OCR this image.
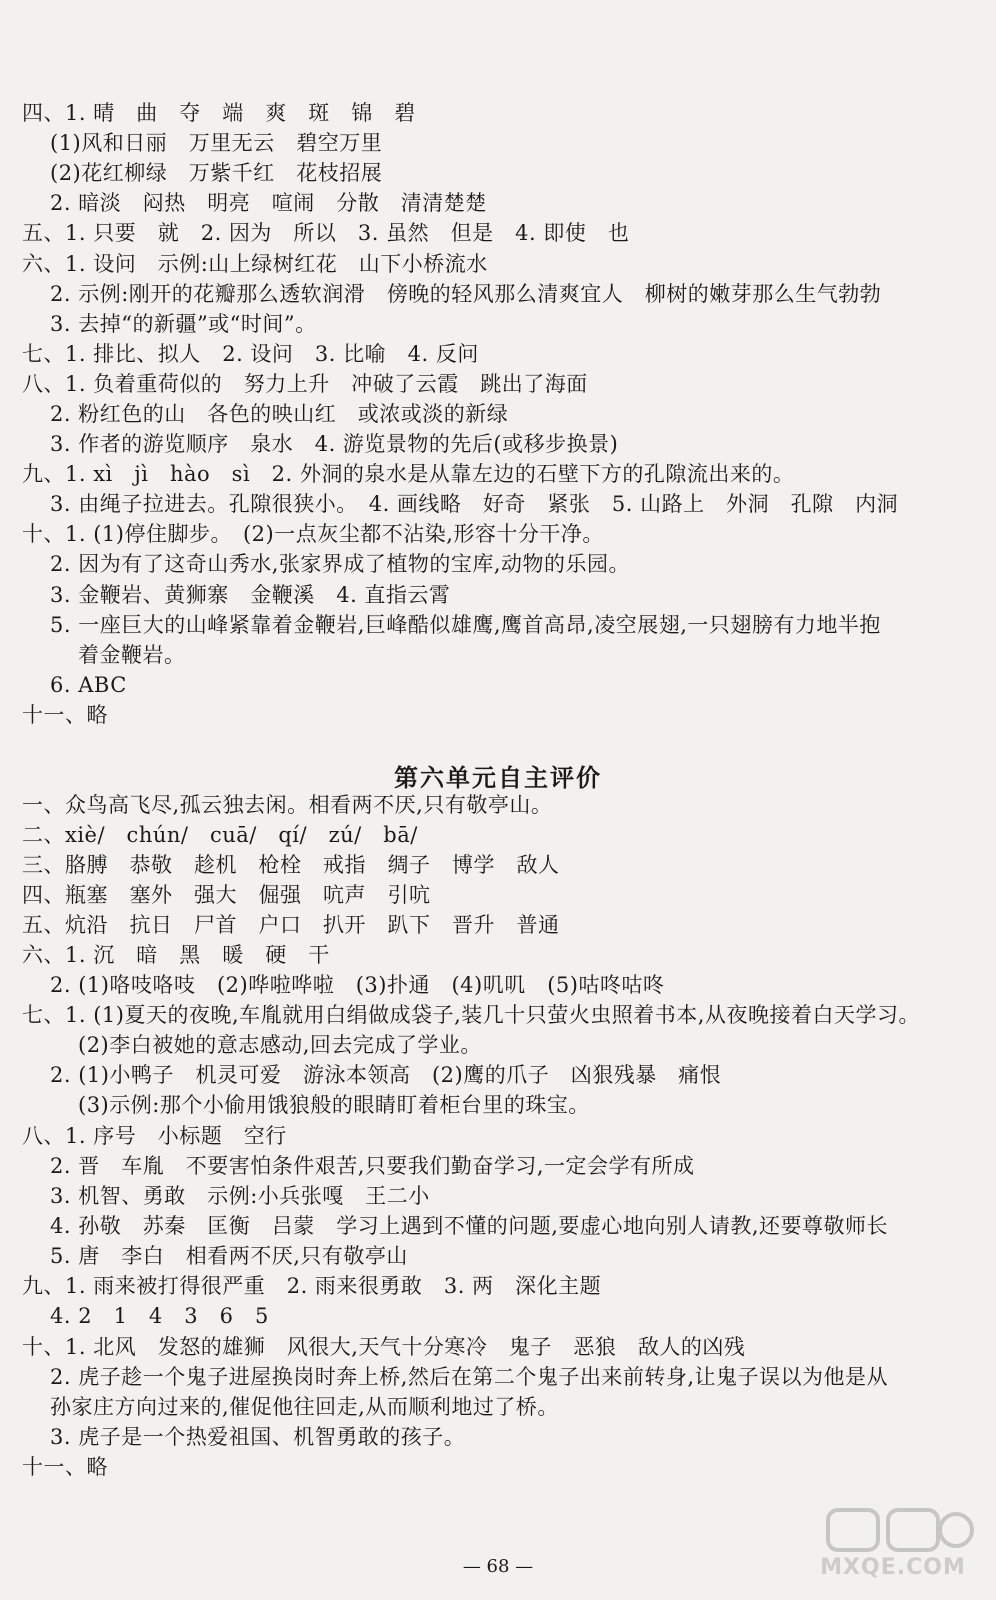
四、1. 晴　曲　夺　端　爽　斑　锦　碧
(1)风和日丽　万里无云　碧空万里
(2)花红柳绿　万紫千红　花枝招展
2. 暗淡　闷热　明亮　喧闹　分散　清清楚楚
五、1. 只要　就　2. 因为　所以　3. 虽然　但是　4. 即使　也
六、1. 设问　示例:山上绿树红花　山下小桥流水
2. 示例:刚开的花瓣那么透软润滑　傍晚的轻风那么清爽宜人　柳树的嫩芽那么生气勃勃
3. 去掉“的新疆”或“时间”。
七、1. 排比、拟人　2. 设问　3. 比喻　4. 反问
八、1. 负着重荷似的　努力上升　冲破了云霞　跳出了海面
2. 粉红色的山　各色的映山红　或浓或淡的新绿
3. 作者的游览顺序　泉水　4. 游览景物的先后(或移步换景)
九、1. xì　jì　hào　sì　2. 外洞的泉水是从靠左边的石壁下方的孔隙流出来的。
3. 由绳子拉进去。孔隙很狭小。　4. 画线略　好奇　紧张　5. 山路上　外洞　孔隙　内洞
十、1. (1)停住脚步。　(2)一点灰尘都不沾染,形容十分干净。
2. 因为有了这奇山秀水,张家界成了植物的宝库,动物的乐园。
3. 金鞭岩、黄狮寨　金鞭溪　4. 直指云霄
5. 一座巨大的山峰紧靠着金鞭岩,巨峰酷似雄鹰,鹰首高昂,凌空展翅,一只翅膀有力地半抱
着金鞭岩。
6. ABC
十一、略
第六单元自主评价
一、众鸟高飞尽,孤云独去闲。相看两不厌,只有敬亭山。
二、xiè/　chún/　cuā/　qí/　zú/　bā/
三、胳膊　恭敬　趁机　枪栓　戒指　绸子　博学　敌人
四、瓶塞　塞外　强大　倔强　吭声　引吭
五、炕沿　抗日　尸首　户口　扒开　趴下　晋升　普通
六、1. 沉　暗　黑　暖　硬　干
2. (1)咯吱咯吱　(2)哗啦哗啦　(3)扑通　(4)叽叽　(5)咕咚咕咚
七、1. (1)夏天的夜晚,车胤就用白绢做成袋子,装几十只萤火虫照着书本,从夜晚接着白天学习。
(2)李白被她的意志感动,回去完成了学业。
2. (1)小鸭子　机灵可爱　游泳本领高　(2)鹰的爪子　凶狠残暴　痛恨
(3)示例:那个小偷用饿狼般的眼睛盯着柜台里的珠宝。
八、1. 序号　小标题　空行
2. 晋　车胤　不要害怕条件艰苦,只要我们勤奋学习,一定会学有所成
3. 机智、勇敢　示例:小兵张嘎　王二小
4. 孙敬　苏秦　匡衡　吕蒙　学习上遇到不懂的问题,要虚心地向别人请教,还要尊敬师长
5. 唐　李白　相看两不厌,只有敬亭山
九、1. 雨来被打得很严重　2. 雨来很勇敢　3. 两　深化主题
4. 2　1　4　3　6　5
十、1. 北风　发怒的雄狮　风很大,天气十分寒冷　鬼子　恶狼　敌人的凶残
2. 虎子趁一个鬼子进屋换岗时奔上桥,然后在第二个鬼子出来前转身,让鬼子误以为他是从
孙家庄方向过来的,催促他往回走,从而顺利地过了桥。
3. 虎子是一个热爱祖国、机智勇敢的孩子。
十一、略
— 68 —	MXQE.COM
